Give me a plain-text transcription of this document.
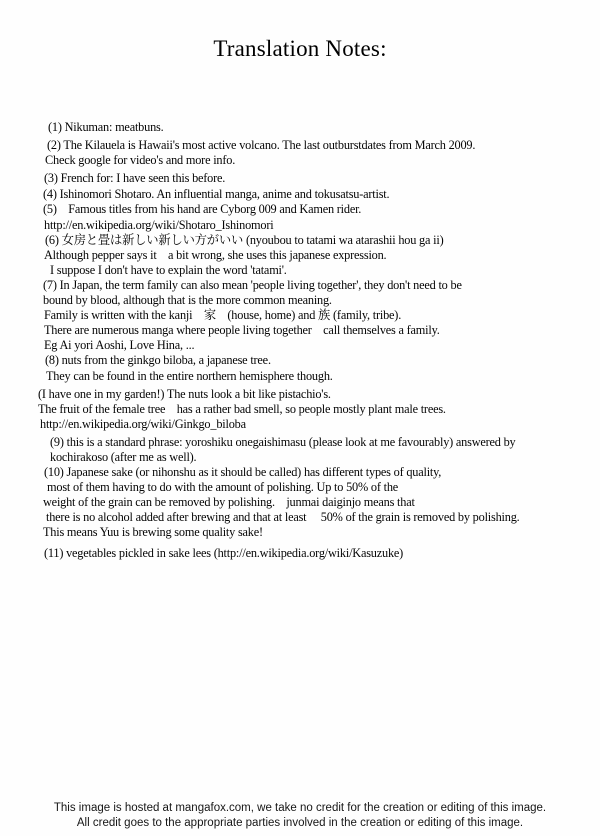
Translation Notes:
(1) Nikuman: meatbuns.
(2) The Kilauela is Hawaii's most active volcano. The last outburstdates from March 2009.
Check google for video's and more info.
(3) French for: I have seen this before.
(4) Ishinomori Shotaro. An influential manga, anime and tokusatsu-artist.
(5)    Famous titles from his hand are Cyborg 009 and Kamen rider.
http://en.wikipedia.org/wiki/Shotaro_Ishinomori
(6) 女房と畳は新しい新しい方がいい (nyoubou to tatami wa atarashii hou ga ii)
Although pepper says it    a bit wrong, she uses this japanese expression.
I suppose I don't have to explain the word 'tatami'.
(7) In Japan, the term family can also mean 'people living together', they don't need to be
bound by blood, although that is the more common meaning.
Family is written with the kanji    家    (house, home) and 族 (family, tribe).
There are numerous manga where people living together    call themselves a family.
Eg Ai yori Aoshi, Love Hina, ...
(8) nuts from the ginkgo biloba, a japanese tree.
They can be found in the entire northern hemisphere though.
(I have one in my garden!) The nuts look a bit like pistachio's.
The fruit of the female tree    has a rather bad smell, so people mostly plant male trees.
http://en.wikipedia.org/wiki/Ginkgo_biloba
(9) this is a standard phrase: yoroshiku onegaishimasu (please look at me favourably) answered by
kochirakoso (after me as well).
(10) Japanese sake (or nihonshu as it should be called) has different types of quality,
most of them having to do with the amount of polishing. Up to 50% of the
weight of the grain can be removed by polishing.    junmai daiginjo means that
there is no alcohol added after brewing and that at least     50% of the grain is removed by polishing.
This means Yuu is brewing some quality sake!
(11) vegetables pickled in sake lees (http://en.wikipedia.org/wiki/Kasuzuke)
This image is hosted at mangafox.com, we take no credit for the creation or editing of this image.
All credit goes to the appropriate parties involved in the creation or editing of this image.
